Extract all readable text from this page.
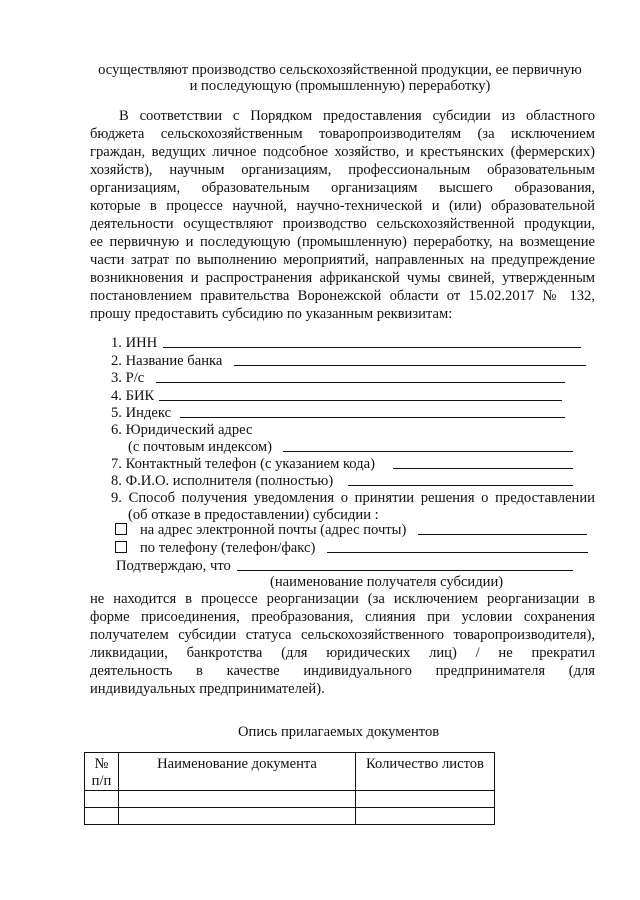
осуществляют производство сельскохозяйственной продукции, ее первичную
и последующую (промышленную) переработку)
В соответствии с Порядком предоставления субсидии из областного
бюджета сельскохозяйственным товаропроизводителям (за исключением
граждан, ведущих личное подсобное хозяйство, и крестьянских (фермерских)
хозяйств), научным организациям, профессиональным образовательным
организациям, образовательным организациям высшего образования,
которые в процессе научной, научно-технической и (или) образовательной
деятельности осуществляют производство сельскохозяйственной продукции,
ее первичную и последующую (промышленную) переработку, на возмещение
части затрат по выполнению мероприятий, направленных на предупреждение
возникновения и распространения африканской чумы свиней, утвержденным
постановлением правительства Воронежской области от 15.02.2017 № 132,
прошу предоставить субсидию по указанным реквизитам:
1. ИНН
2. Название банка
3. Р/с
4. БИК
5. Индекс
6. Юридический адрес
(с почтовым индексом)
7. Контактный телефон (с указанием кода)
8. Ф.И.О. исполнителя (полностью)
9. Способ получения уведомления о принятии решения о предоставлении
(об отказе в предоставлении) субсидии :
на адрес электронной почты (адрес почты)
по телефону (телефон/факс)
Подтверждаю, что
(наименование получателя субсидии)
не находится в процессе реорганизации (за исключением реорганизации в
форме присоединения, преобразования, слияния при условии сохранения
получателем субсидии статуса сельскохозяйственного товаропроизводителя),
ликвидации, банкротства (для юридических лиц) / не прекратил
деятельность в качестве индивидуального предпринимателя (для
индивидуальных предпринимателей).
Опись прилагаемых документов
№
п/п	Наименование документа	Количество листов
